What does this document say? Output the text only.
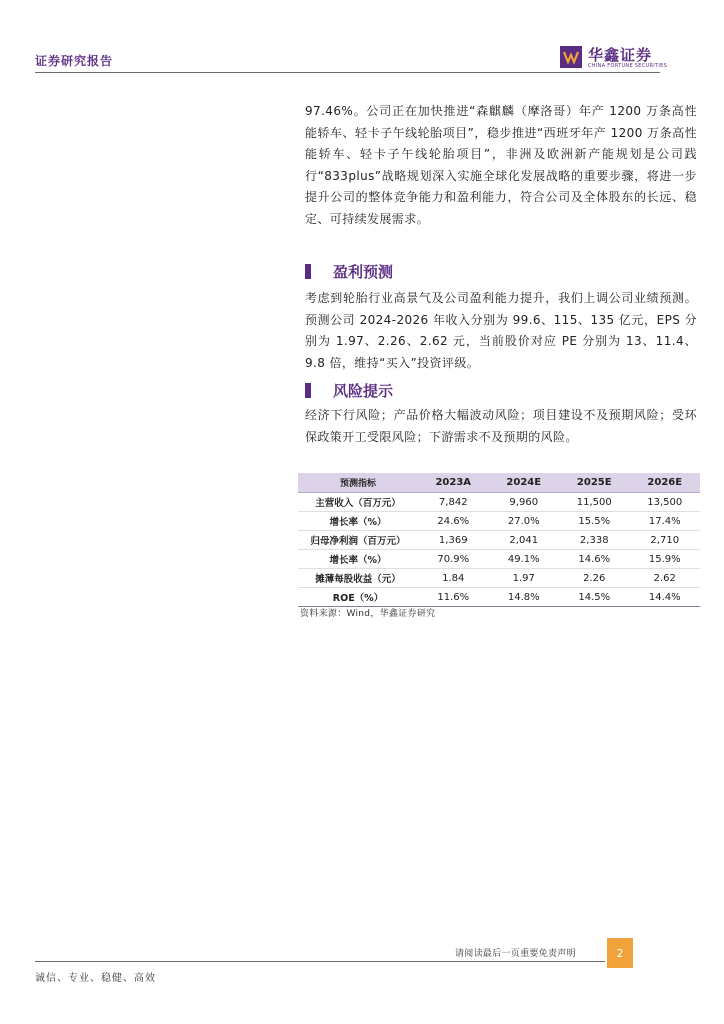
证券研究报告	华鑫证券
CHINA FORTUNE SECURITIES
97.46%。公司正在加快推进“森麒麟（摩洛哥）年产 1200 万条高性能轿车、轻卡子午线轮胎项目”，稳步推进“西班牙年产 1200 万条高性能轿车、轻卡子午线轮胎项目”，非洲及欧洲新产能规划是公司践行“833plus”战略规划深入实施全球化发展战略的重要步骤，将进一步提升公司的整体竞争能力和盈利能力，符合公司及全体股东的长远、稳定、可持续发展需求。
盈利预测
考虑到轮胎行业高景气及公司盈利能力提升，我们上调公司业绩预测。预测公司 2024-2026 年收入分别为 99.6、115、135 亿元，EPS 分别为 1.97、2.26、2.62 元，当前股价对应 PE 分别为 13、11.4、9.8 倍，维持“买入”投资评级。
风险提示
经济下行风险；产品价格大幅波动风险；项目建设不及预期风险；受环保政策开工受限风险；下游需求不及预期的风险。
预测指标	2023A	2024E	2025E	2026E
主营收入（百万元）	7,842	9,960	11,500	13,500
增长率（%）	24.6%	27.0%	15.5%	17.4%
归母净利润（百万元）	1,369	2,041	2,338	2,710
增长率（%）	70.9%	49.1%	14.6%	15.9%
摊薄每股收益（元）	1.84	1.97	2.26	2.62
ROE（%）	11.6%	14.8%	14.5%	14.4%
资料来源：Wind，华鑫证券研究
请阅读最后一页重要免责声明	2
诚信、专业、稳健、高效
